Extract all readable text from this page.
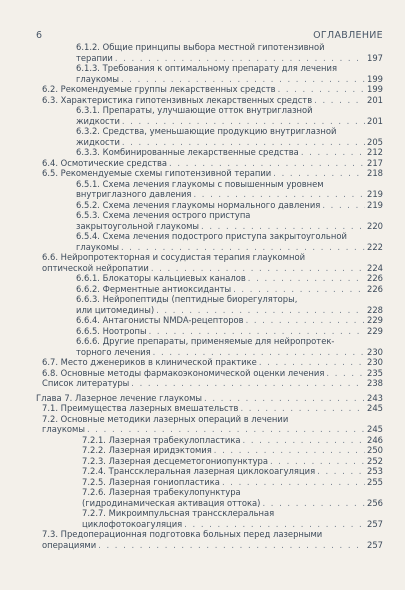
6	ОГЛАВЛЕНИЕ
6.1.2. Общие принципы выбора местной гипотензивной
терапии . . .	197
6.1.3. Требования к оптимальному препарату для лечения
глаукомы . . .	199
6.2. Рекомендуемые группы лекарственных средств . . .	199
6.3. Характеристика гипотензивных лекарственных средств . . .	201
6.3.1. Препараты, улучшающие отток внутриглазной
жидкости . . .	201
6.3.2. Средства, уменьшающие продукцию внутриглазной
жидкости . . .	205
6.3.3. Комбинированные лекарственные средства . . .	212
6.4. Осмотические средства . . .	217
6.5. Рекомендуемые схемы гипотензивной терапии . . .	218
6.5.1. Схема лечения глаукомы с повышенным уровнем
внутриглазного давления . . .	219
6.5.2. Схема лечения глаукомы нормального давления . . .	219
6.5.3. Схема лечения острого приступа
закрытоугольной глаукомы . . .	220
6.5.4. Схема лечения подострого приступа закрытоугольной
глаукомы . . .	222
6.6. Нейропротекторная и сосудистая терапия глаукомной
оптической нейропатии . . .	224
6.6.1. Блокаторы кальциевых каналов . . .	226
6.6.2. Ферментные антиоксиданты . . .	226
6.6.3. Нейропептиды (пептидные биорегуляторы,
или цитомедины) . . .	228
6.6.4. Антагонисты NMDA-рецепторов . . .	229
6.6.5. Ноотропы . . .	229
6.6.6. Другие препараты, применяемые для нейропротек-
торного лечения . . .	230
6.7. Место дженериков в клинической практике . . .	230
6.8. Основные методы фармакоэкономической оценки лечения . . .	235
Список литературы . . .	238
Глава 7. Лазерное лечение глаукомы . . .	243
7.1. Преимущества лазерных вмешательств . . .	245
7.2. Основные методики лазерных операций в лечении
глаукомы . . .	245
7.2.1. Лазерная трабекулопластика . . .	246
7.2.2. Лазерная иридэктомия . . .	250
7.2.3. Лазерная десцеметогониопунктура . . .	252
7.2.4. Транссклеральная лазерная циклокоагуляция . . .	253
7.2.5. Лазерная гониопластика . . .	255
7.2.6. Лазерная трабекулопунктура
(гидродинамическая активация оттока) . . .	256
7.2.7. Микроимпульсная транссклеральная
циклофотокоагуляция . . .	257
7.3. Предоперационная подготовка больных перед лазерными
операциями . . .	257
